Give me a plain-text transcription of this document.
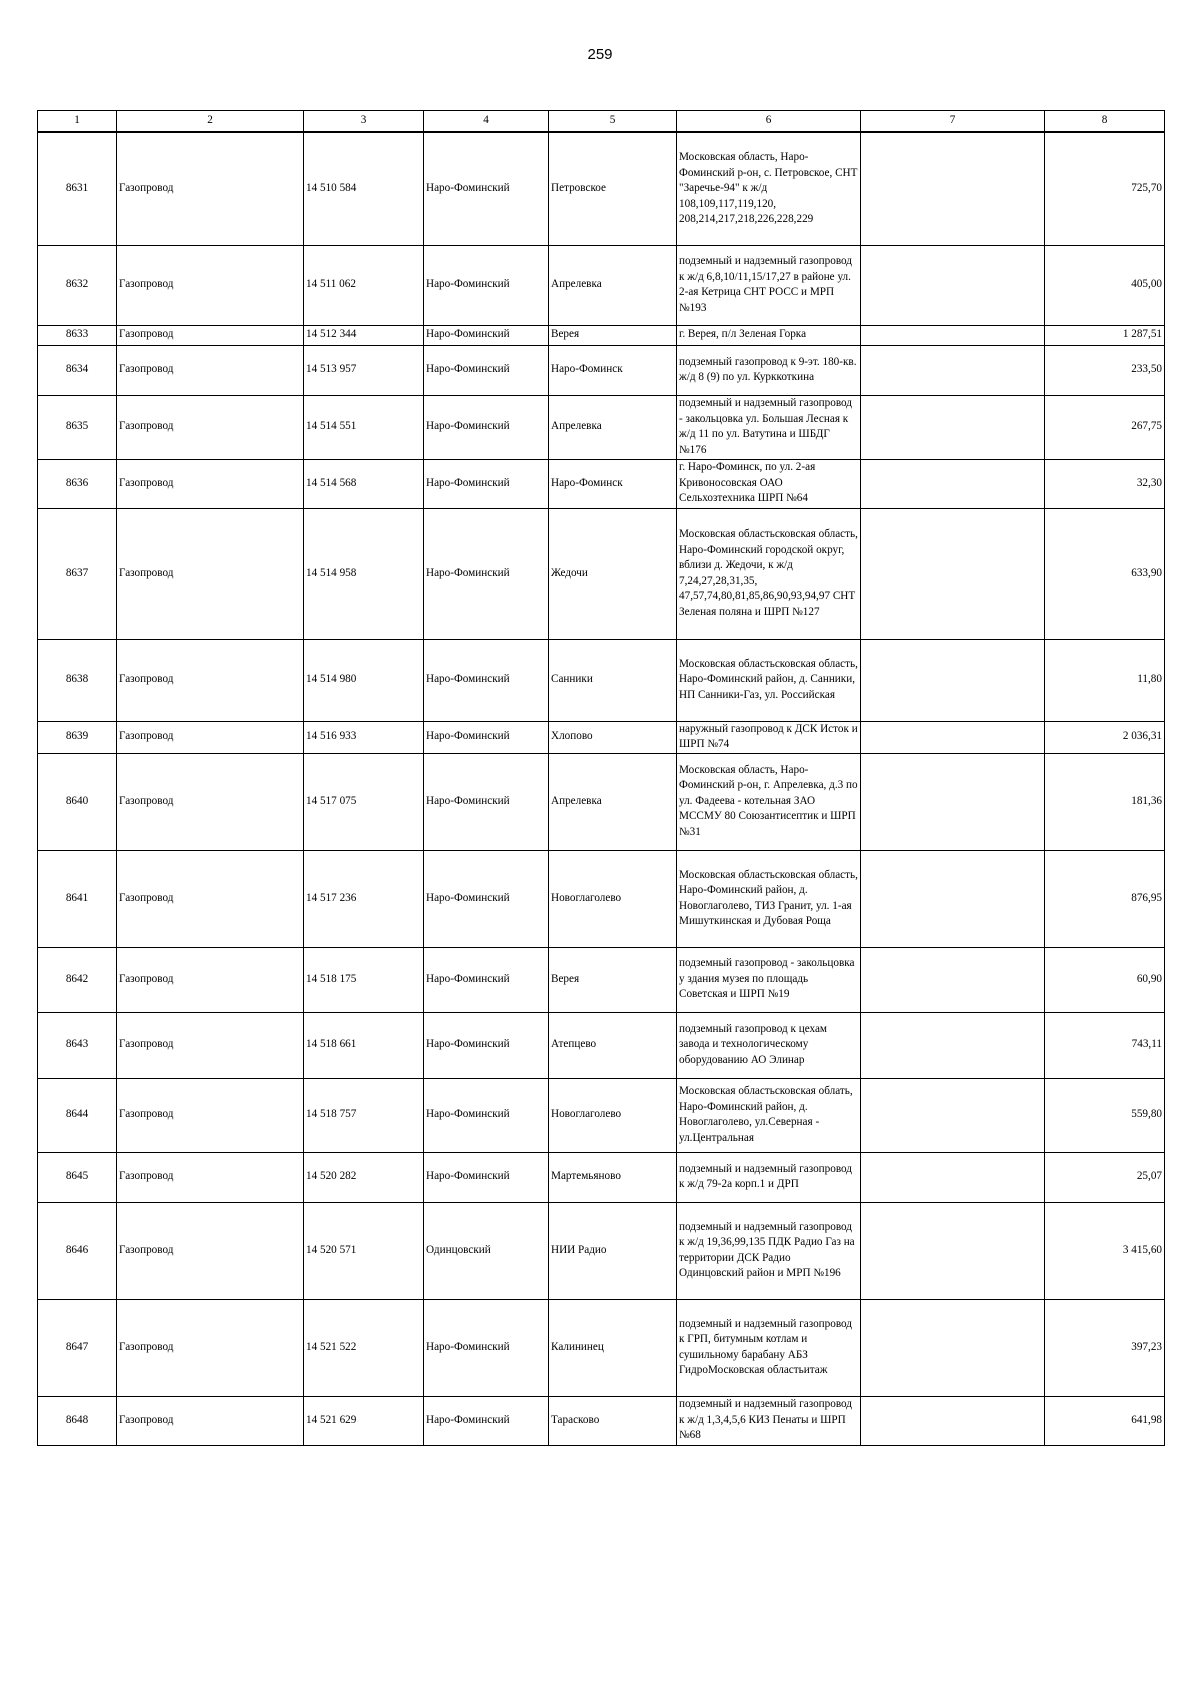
259
1	2	3	4	5	6	7	8
8631	Газопровод	14 510 584	Наро-Фоминский	Петровское	Московская область, Наро-Фоминский р-он, с. Петровское, СНТ "Заречье-94" к ж/д 108,109,117,119,120, 208,214,217,218,226,228,229		725,70
8632	Газопровод	14 511 062	Наро-Фоминский	Апрелевка	подземный и надземный газопровод к ж/д 6,8,10/11,15/17,27 в районе ул. 2-ая Кетрица СНТ РОСС и МРП №193		405,00
8633	Газопровод	14 512 344	Наро-Фоминский	Верея	г. Верея, п/л Зеленая Горка		1 287,51
8634	Газопровод	14 513 957	Наро-Фоминский	Наро-Фоминск	подземный газопровод к 9-эт. 180-кв. ж/д 8 (9) по ул. Курккоткина		233,50
8635	Газопровод	14 514 551	Наро-Фоминский	Апрелевка	подземный и надземный газопровод - закольцовка ул. Большая Лесная к ж/д 11 по ул. Ватутина и ШБДГ №176		267,75
8636	Газопровод	14 514 568	Наро-Фоминский	Наро-Фоминск	г. Наро-Фоминск, по ул. 2-ая Кривоносовская ОАО Сельхозтехника ШРП №64		32,30
8637	Газопровод	14 514 958	Наро-Фоминский	Жедочи	Московская областьсковская область, Наро-Фоминский городской округ, вблизи д. Жедочи, к ж/д 7,24,27,28,31,35, 47,57,74,80,81,85,86,90,93,94,97 СНТ Зеленая поляна и ШРП №127		633,90
8638	Газопровод	14 514 980	Наро-Фоминский	Санники	Московская областьсковская область, Наро-Фоминский район, д. Санники, НП Санники-Газ, ул. Российская		11,80
8639	Газопровод	14 516 933	Наро-Фоминский	Хлопово	наружный газопровод к ДСК Исток и ШРП №74		2 036,31
8640	Газопровод	14 517 075	Наро-Фоминский	Апрелевка	Московская область, Наро-Фоминский р-он, г. Апрелевка, д.3 по ул. Фадеева - котельная ЗАО МССМУ 80 Союзантисептик и ШРП №31		181,36
8641	Газопровод	14 517 236	Наро-Фоминский	Новоглаголево	Московская областьсковская область, Наро-Фоминский район, д. Новоглаголево, ТИЗ Гранит, ул. 1-ая Мишуткинская и Дубовая Роща		876,95
8642	Газопровод	14 518 175	Наро-Фоминский	Верея	подземный газопровод - закольцовка у здания музея по площадь Советская и ШРП №19		60,90
8643	Газопровод	14 518 661	Наро-Фоминский	Атепцево	подземный газопровод к цехам завода и технологическому оборудованию АО Элинар		743,11
8644	Газопровод	14 518 757	Наро-Фоминский	Новоглаголево	Московская областьсковская облать, Наро-Фоминский район, д. Новоглаголево, ул.Северная - ул.Центральная		559,80
8645	Газопровод	14 520 282	Наро-Фоминский	Мартемьяново	подземный и надземный газопровод к ж/д 79-2а корп.1 и ДРП		25,07
8646	Газопровод	14 520 571	Одинцовский	НИИ Радио	подземный и надземный газопровод к ж/д 19,36,99,135 ПДК Радио Газ на территории ДСК Радио Одинцовский район и МРП №196		3 415,60
8647	Газопровод	14 521 522	Наро-Фоминский	Калининец	подземный и надземный газопровод к ГРП, битумным котлам и сушильному барабану АБЗ ГидроМосковская областьитаж		397,23
8648	Газопровод	14 521 629	Наро-Фоминский	Тарасково	подземный и надземный газопровод к ж/д 1,3,4,5,6 КИЗ Пенаты и ШРП №68		641,98
